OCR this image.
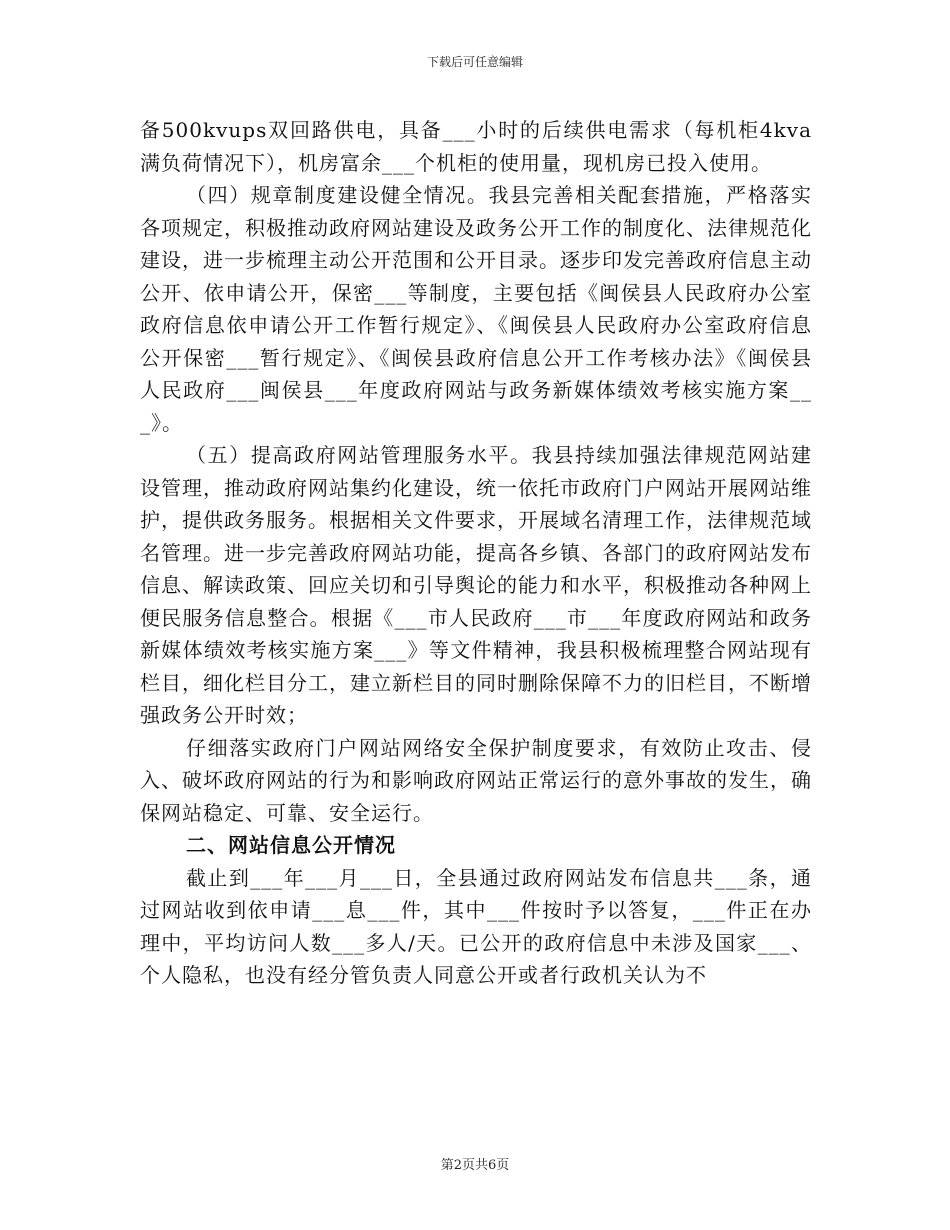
下载后可任意编辑

备500kvups双回路供电，具备___小时的后续供电需求（每机柜4kva满负荷情况下），机房富余___个机柜的使用量，现机房已投入使用。

（四）规章制度建设健全情况。我县完善相关配套措施，严格落实各项规定，积极推动政府网站建设及政务公开工作的制度化、法律规范化建设，进一步梳理主动公开范围和公开目录。逐步印发完善政府信息主动公开、依申请公开，保密___等制度，主要包括《闽侯县人民政府办公室政府信息依申请公开工作暂行规定》、《闽侯县人民政府办公室政府信息公开保密___暂行规定》、《闽侯县政府信息公开工作考核办法》《闽侯县人民政府___闽侯县___年度政府网站与政务新媒体绩效考核实施方案___》。

（五）提高政府网站管理服务水平。我县持续加强法律规范网站建设管理，推动政府网站集约化建设，统一依托市政府门户网站开展网站维护，提供政务服务。根据相关文件要求，开展域名清理工作，法律规范域名管理。进一步完善政府网站功能，提高各乡镇、各部门的政府网站发布信息、解读政策、回应关切和引导舆论的能力和水平，积极推动各种网上便民服务信息整合。根据《___市人民政府___市___年度政府网站和政务新媒体绩效考核实施方案___》等文件精神，我县积极梳理整合网站现有栏目，细化栏目分工，建立新栏目的同时删除保障不力的旧栏目，不断增强政务公开时效；

仔细落实政府门户网站网络安全保护制度要求，有效防止攻击、侵入、破坏政府网站的行为和影响政府网站正常运行的意外事故的发生，确保网站稳定、可靠、安全运行。

二、网站信息公开情况

截止到___年___月___日，全县通过政府网站发布信息共___条，通过网站收到依申请___息___件，其中___件按时予以答复，___件正在办理中，平均访问人数___多人/天。已公开的政府信息中未涉及国家___、个人隐私，也没有经分管负责人同意公开或者行政机关认为不

第2页共6页
